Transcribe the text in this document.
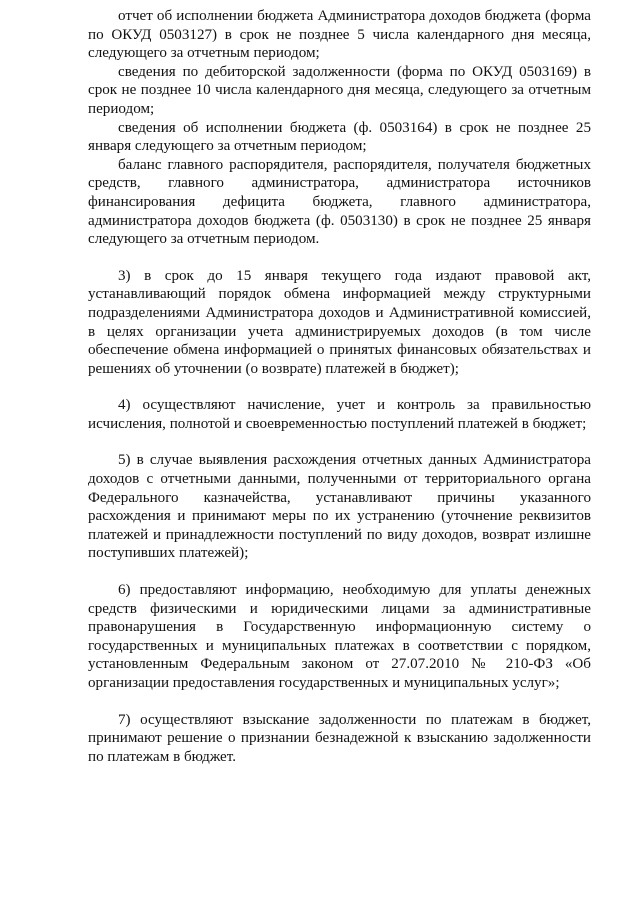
отчет об исполнении бюджета Администратора доходов бюджета (форма по ОКУД 0503127) в срок не позднее 5 числа календарного дня месяца, следующего за отчетным периодом;

сведения по дебиторской задолженности (форма по ОКУД 0503169) в срок не позднее 10 числа календарного дня месяца, следующего за отчетным периодом;

сведения об исполнении бюджета (ф. 0503164) в срок не позднее 25 января следующего за отчетным периодом;

баланс главного распорядителя, распорядителя, получателя бюджетных средств, главного администратора, администратора источников финансирования дефицита бюджета, главного администратора, администратора доходов бюджета (ф. 0503130) в срок не позднее 25 января следующего за отчетным периодом.

3) в срок до 15 января текущего года издают правовой акт, устанавливающий порядок обмена информацией между структурными подразделениями Администратора доходов и Административной комиссией, в целях организации учета администрируемых доходов (в том числе обеспечение обмена информацией о принятых финансовых обязательствах и решениях об уточнении (о возврате) платежей в бюджет);

4) осуществляют начисление, учет и контроль за правильностью исчисления, полнотой и своевременностью поступлений платежей в бюджет;

5) в случае выявления расхождения отчетных данных Администратора доходов с отчетными данными, полученными от территориального органа Федерального казначейства, устанавливают причины указанного расхождения и принимают меры по их устранению (уточнение реквизитов платежей и принадлежности поступлений по виду доходов, возврат излишне поступивших платежей);

6) предоставляют информацию, необходимую для уплаты денежных средств физическими и юридическими лицами за административные правонарушения в Государственную информационную систему о государственных и муниципальных платежах в соответствии с порядком, установленным Федеральным законом от 27.07.2010 № 210-ФЗ «Об организации предоставления государственных и муниципальных услуг»;

7) осуществляют взыскание задолженности по платежам в бюджет, принимают решение о признании безнадежной к взысканию задолженности по платежам в бюджет.
